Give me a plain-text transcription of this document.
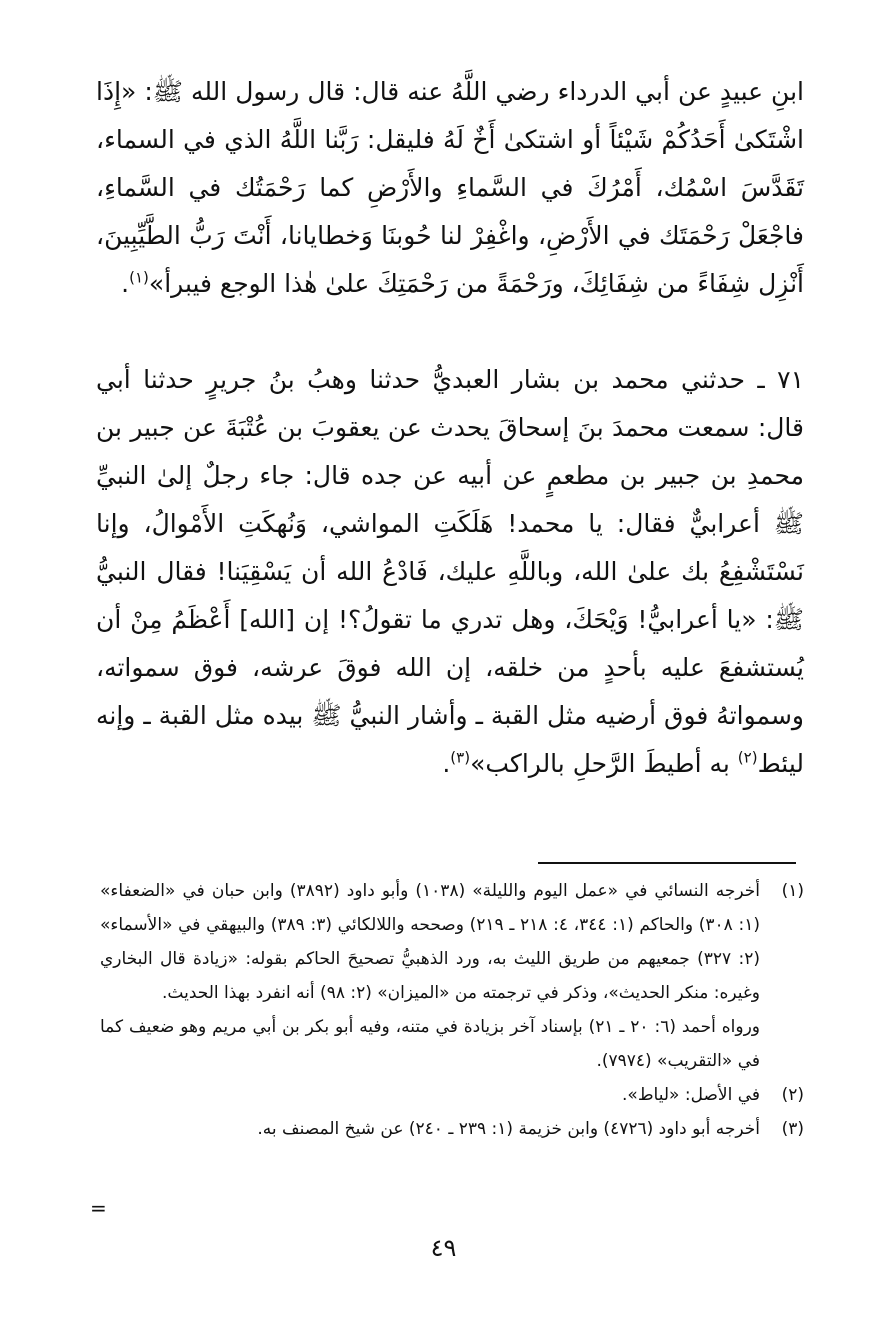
ابنِ عبيدٍ عن أبي الدرداء رضي اللَّهُ عنه قال: قال رسول الله ﷺ: «إِذَا اشْتَكىٰ أَحَدُكُمْ شَيْئاً أو اشتكىٰ أَخٌ لَهُ فليقل: رَبَّنا اللَّهُ الذي في السماء، تَقَدَّسَ اسْمُك، أَمْرُكَ في السَّماءِ والأَرْضِ كما رَحْمَتُك في السَّماءِ، فاجْعَلْ رَحْمَتَك في الأَرْضِ، واغْفِرْ لنا حُوبنَا وَخطايانا، أَنْتَ رَبُّ الطَّيِّبِينَ، أَنْزِل شِفَاءً من شِفَائِكَ، ورَحْمَةً من رَحْمَتِكَ علىٰ هٰذا الوجع فيبرأ»$^{(١)}$.

٧١ ـ حدثني محمد بن بشار العبديُّ حدثنا وهبُ بنُ جريرٍ حدثنا أبي قال: سمعت محمدَ بنَ إسحاقَ يحدث عن يعقوبَ بن عُتْبَةَ عن جبير بن محمدِ بن جبير بن مطعمٍ عن أبيه عن جده قال: جاء رجلٌ إلىٰ النبيِّ ﷺ أعرابيٌّ فقال: يا محمد! هَلَكَتِ المواشي، وَنُهكَتِ الأَمْوالُ، وإنا نَسْتَشْفِعُ بك علىٰ الله، وباللَّهِ عليك، فَادْعُ الله أن يَسْقِيَنا! فقال النبيُّ ﷺ: «يا أعرابيُّ! وَيْحَكَ، وهل تدري ما تقولُ؟! إن [الله] أَعْظَمُ مِنْ أن يُستشفعَ عليه بأحدٍ من خلقه، إن الله فوقَ عرشه، فوق سمواته، وسمواتهُ فوق أرضيه مثل القبة ـ وأشار النبيُّ ﷺ بيده مثل القبة ـ وإنه ليئط$^{(٢)}$ به أطيطَ الرَّحلِ بالراكب»$^{(٣)}$.

(١)

أخرجه النسائي في «عمل اليوم والليلة» (١٠٣٨) وأبو داود (٣٨٩٢) وابن حبان في «الضعفاء» (١: ٣٠٨) والحاكم (١: ٣٤٤، ٤: ٢١٨ ـ ٢١٩) وصححه واللالكائي (٣: ٣٨٩) والبيهقي في «الأسماء» (٢: ٣٢٧) جمعيهم من طريق الليث به، ورد الذهبيُّ تصحيحَ الحاكم بقوله: «زيادة قال البخاري وغيره: منكر الحديث»، وذكر في ترجمته من «الميزان» (٢: ٩٨) أنه انفرد بهذا الحديث.

ورواه أحمد (٦: ٢٠ ـ ٢١) بإسناد آخر بزيادة في متنه، وفيه أبو بكر بن أبي مريم وهو ضعيف كما في «التقريب» (٧٩٧٤).

(٢)

في الأصل: «لياط».

(٣)

أخرجه أبو داود (٤٧٢٦) وابن خزيمة (١: ٢٣٩ ـ ٢٤٠) عن شيخ المصنف به.

=
٤٩
